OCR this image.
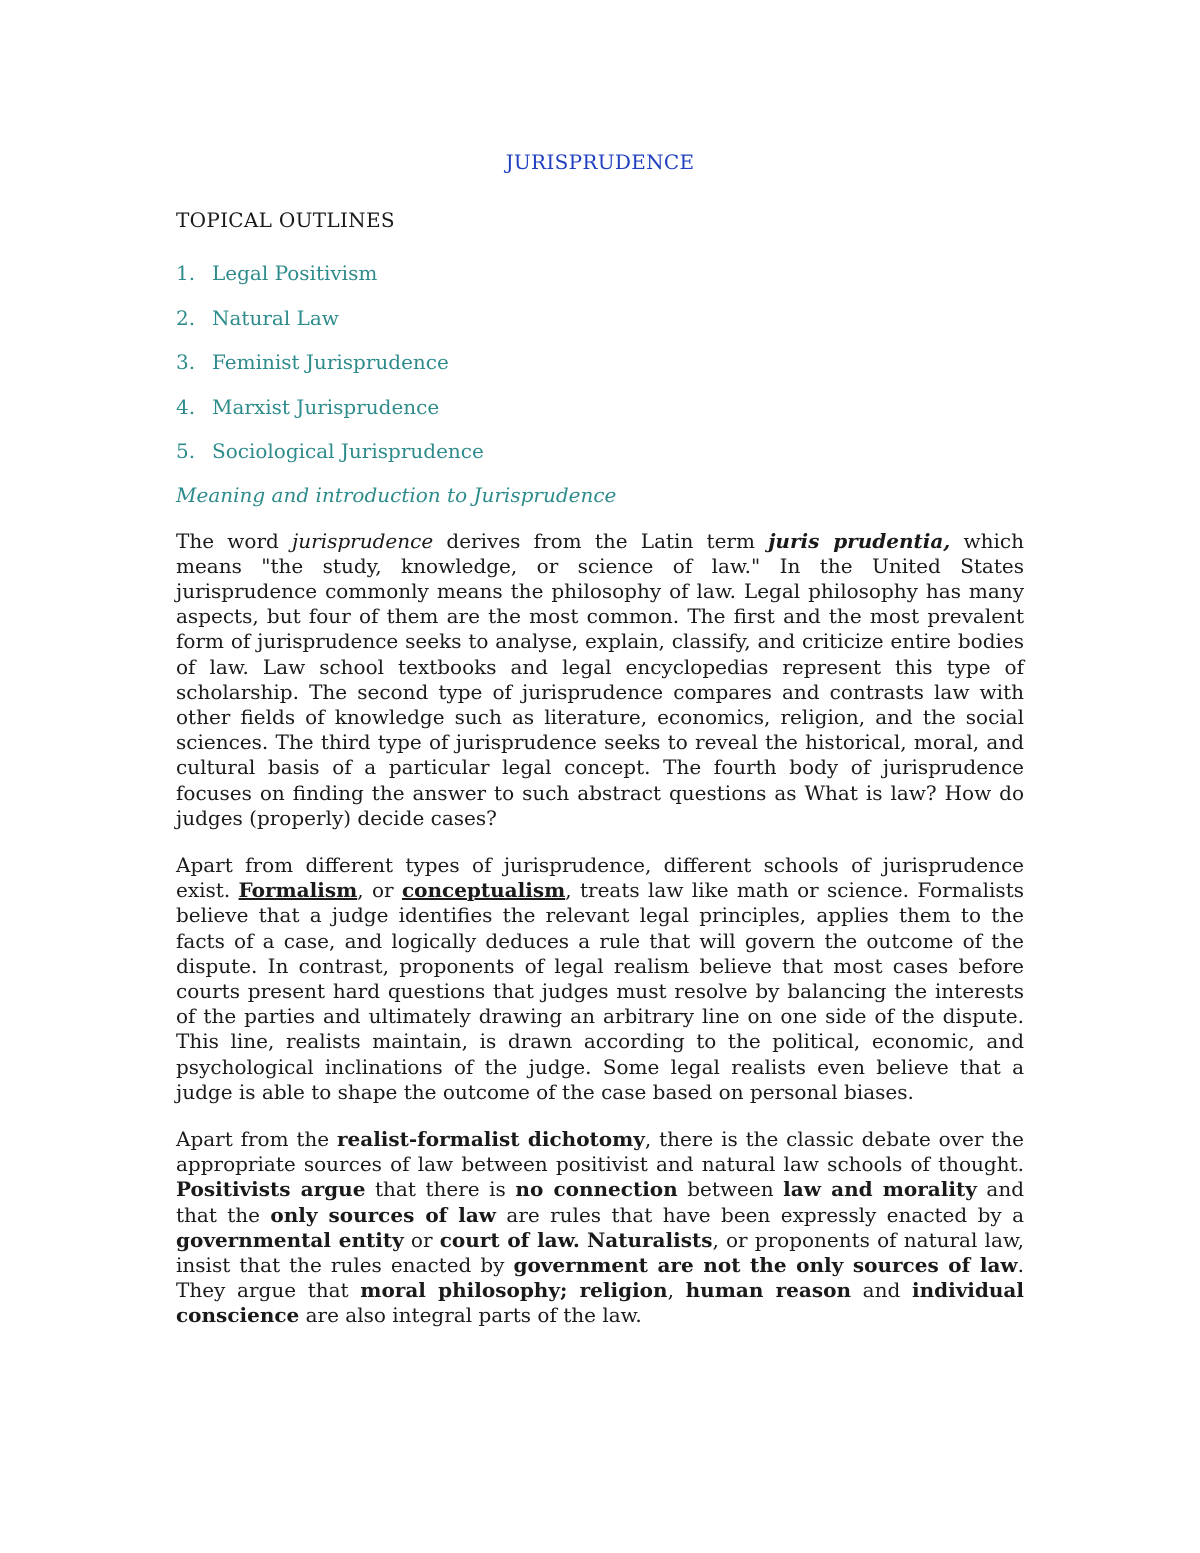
JURISPRUDENCE
TOPICAL OUTLINES
1. Legal Positivism
2. Natural Law
3. Feminist Jurisprudence
4. Marxist Jurisprudence
5. Sociological Jurisprudence
Meaning and introduction to Jurisprudence

The word jurisprudence derives from the Latin term juris prudentia, which means "the study, knowledge, or science of law." In the United States jurisprudence commonly means the philosophy of law. Legal philosophy has many aspects, but four of them are the most common. The first and the most prevalent form of jurisprudence seeks to analyse, explain, classify, and criticize entire bodies of law. Law school textbooks and legal encyclopedias represent this type of scholarship. The second type of jurisprudence compares and contrasts law with other fields of knowledge such as literature, economics, religion, and the social sciences. The third type of jurisprudence seeks to reveal the historical, moral, and cultural basis of a particular legal concept. The fourth body of jurisprudence focuses on finding the answer to such abstract questions as What is law? How do judges (properly) decide cases?

Apart from different types of jurisprudence, different schools of jurisprudence exist. Formalism, or conceptualism, treats law like math or science. Formalists believe that a judge identifies the relevant legal principles, applies them to the facts of a case, and logically deduces a rule that will govern the outcome of the dispute. In contrast, proponents of legal realism believe that most cases before courts present hard questions that judges must resolve by balancing the interests of the parties and ultimately drawing an arbitrary line on one side of the dispute. This line, realists maintain, is drawn according to the political, economic, and psychological inclinations of the judge. Some legal realists even believe that a judge is able to shape the outcome of the case based on personal biases.

Apart from the realist-formalist dichotomy, there is the classic debate over the appropriate sources of law between positivist and natural law schools of thought. Positivists argue that there is no connection between law and morality and that the only sources of law are rules that have been expressly enacted by a governmental entity or court of law. Naturalists, or proponents of natural law, insist that the rules enacted by government are not the only sources of law. They argue that moral philosophy; religion, human reason and individual conscience are also integral parts of the law.
